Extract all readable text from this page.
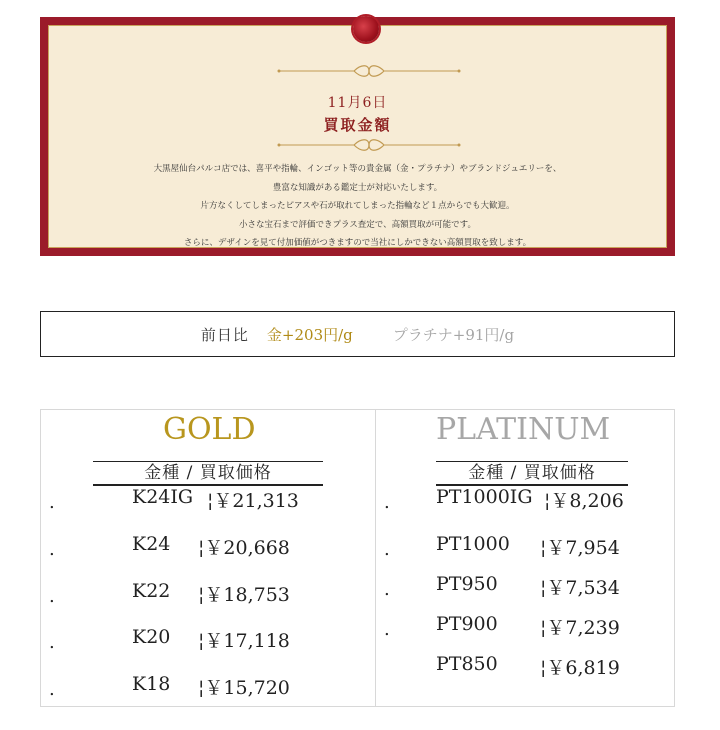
11月6日
買取金額
大黒屋仙台パルコ店では、喜平や指輪、インゴット等の貴金属（金・プラチナ）やブランドジュエリーを、
豊富な知識がある鑑定士が対応いたします。
片方なくしてしまったピアスや石が取れてしまった指輪など１点からでも大歓迎。
小さな宝石まで評価できプラス査定で、高額買取が可能です。
さらに、デザインを見て付加価値がつきますので当社にしかできない高額買取を致します。
前日比 金+203円/g	プラチナ+91円/g
GOLD
金種 / 買取価格
.	K24IG ¦￥21,313
.	K24 ¦￥20,668
.	K22 ¦￥18,753
.	K20 ¦￥17,118
.	K18 ¦￥15,720
PLATINUM
金種 / 買取価格
. PT1000IG ¦￥8,206
. PT1000 ¦￥7,954
. PT950 ¦￥7,534
. PT900 ¦￥7,239
PT850 ¦￥6,819
